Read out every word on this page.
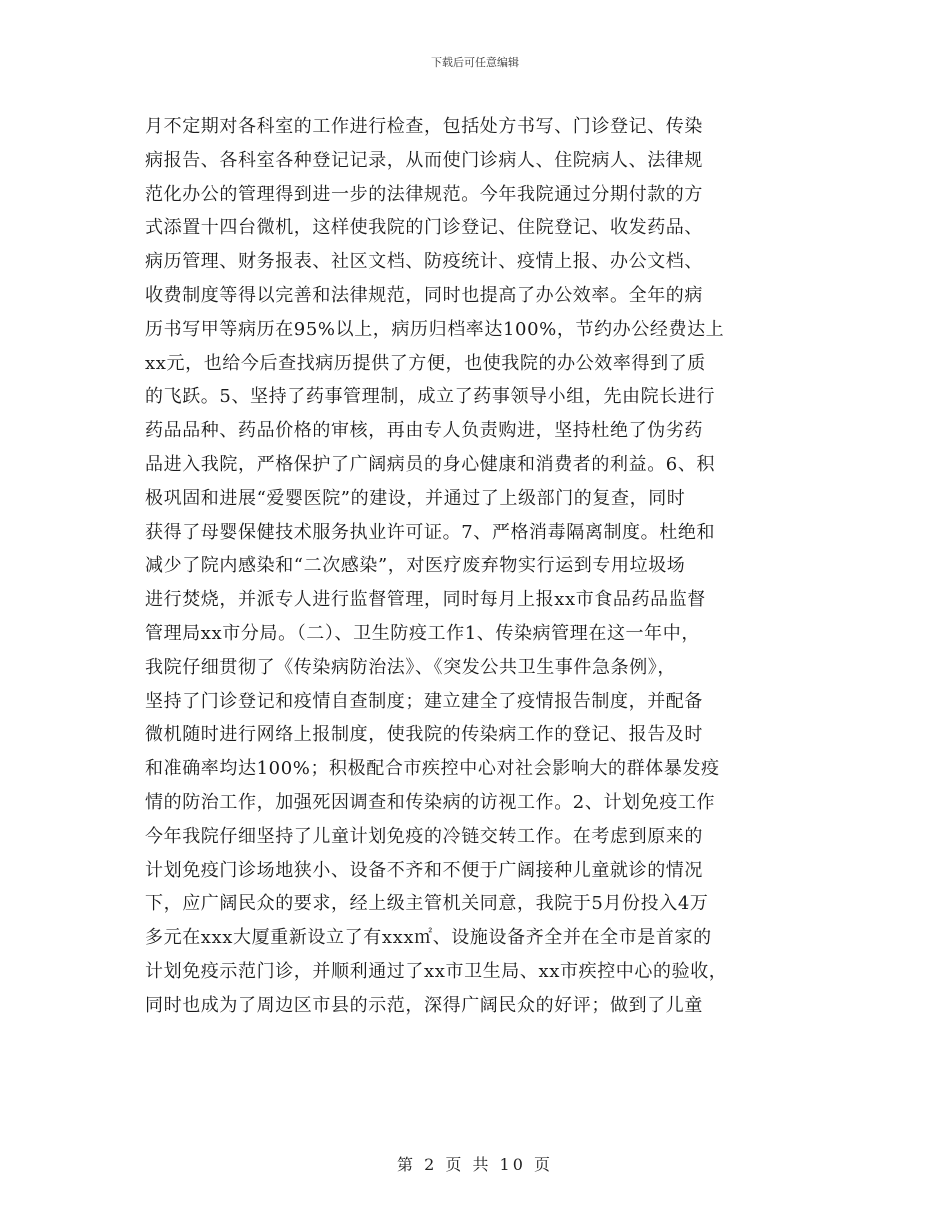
下载后可任意编辑
月不定期对各科室的工作进行检查，包括处方书写、门诊登记、传染
病报告、各科室各种登记记录，从而使门诊病人、住院病人、法律规
范化办公的管理得到进一步的法律规范。今年我院通过分期付款的方
式添置十四台微机，这样使我院的门诊登记、住院登记、收发药品、
病历管理、财务报表、社区文档、防疫统计、疫情上报、办公文档、
收费制度等得以完善和法律规范，同时也提高了办公效率。全年的病
历书写甲等病历在95%以上，病历归档率达100%，节约办公经费达上
xx元，也给今后查找病历提供了方便，也使我院的办公效率得到了质
的飞跃。5、坚持了药事管理制，成立了药事领导小组，先由院长进行
药品品种、药品价格的审核，再由专人负责购进，坚持杜绝了伪劣药
品进入我院，严格保护了广阔病员的身心健康和消费者的利益。6、积
极巩固和进展“爱婴医院”的建设，并通过了上级部门的复查，同时
获得了母婴保健技术服务执业许可证。7、严格消毒隔离制度。杜绝和
减少了院内感染和“二次感染”，对医疗废弃物实行运到专用垃圾场
进行焚烧，并派专人进行监督管理，同时每月上报xx市食品药品监督
管理局xx市分局。（二）、卫生防疫工作1、传染病管理在这一年中，
我院仔细贯彻了《传染病防治法》、《突发公共卫生事件急条例》，
坚持了门诊登记和疫情自查制度；建立建全了疫情报告制度，并配备
微机随时进行网络上报制度，使我院的传染病工作的登记、报告及时
和准确率均达100%；积极配合市疾控中心对社会影响大的群体暴发疫
情的防治工作，加强死因调查和传染病的访视工作。2、计划免疫工作
今年我院仔细坚持了儿童计划免疫的冷链交转工作。在考虑到原来的
计划免疫门诊场地狭小、设备不齐和不便于广阔接种儿童就诊的情况
下，应广阔民众的要求，经上级主管机关同意，我院于5月份投入4万
多元在xxx大厦重新设立了有xxx㎡、设施设备齐全并在全市是首家的
计划免疫示范门诊，并顺利通过了xx市卫生局、xx市疾控中心的验收，
同时也成为了周边区市县的示范，深得广阔民众的好评；做到了儿童
第 2 页 共 10 页
